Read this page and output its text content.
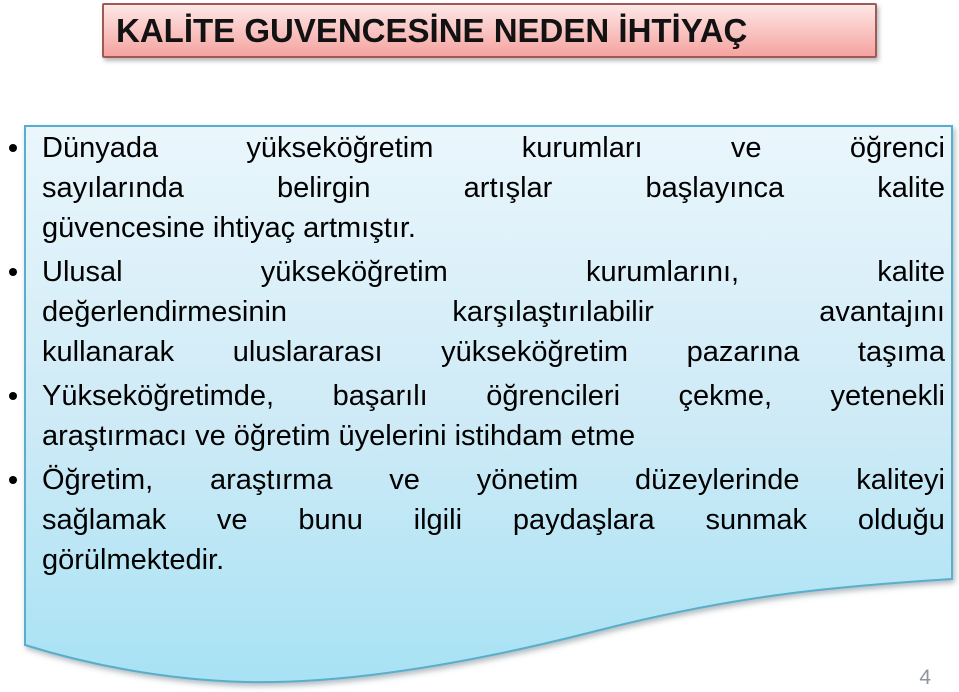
KALİTE GUVENCESİNE NEDEN İHTİYAÇ
Dünyada	yükseköğretim	kurumları	ve	öğrenci
sayılarında	belirgin	artışlar	başlayınca	kalite
güvencesine ihtiyaç artmıştır.
Ulusal	yükseköğretim	kurumlarını,	kalite
değerlendirmesinin	karşılaştırılabilir	avantajını
kullanarak uluslararası yükseköğretim pazarına taşıma
Yükseköğretimde, başarılı öğrencileri çekme, yetenekli
araştırmacı ve öğretim üyelerini istihdam etme
Öğretim, araştırma ve yönetim düzeylerinde kaliteyi
sağlamak ve bunu ilgili paydaşlara sunmak olduğu
görülmektedir.
4
